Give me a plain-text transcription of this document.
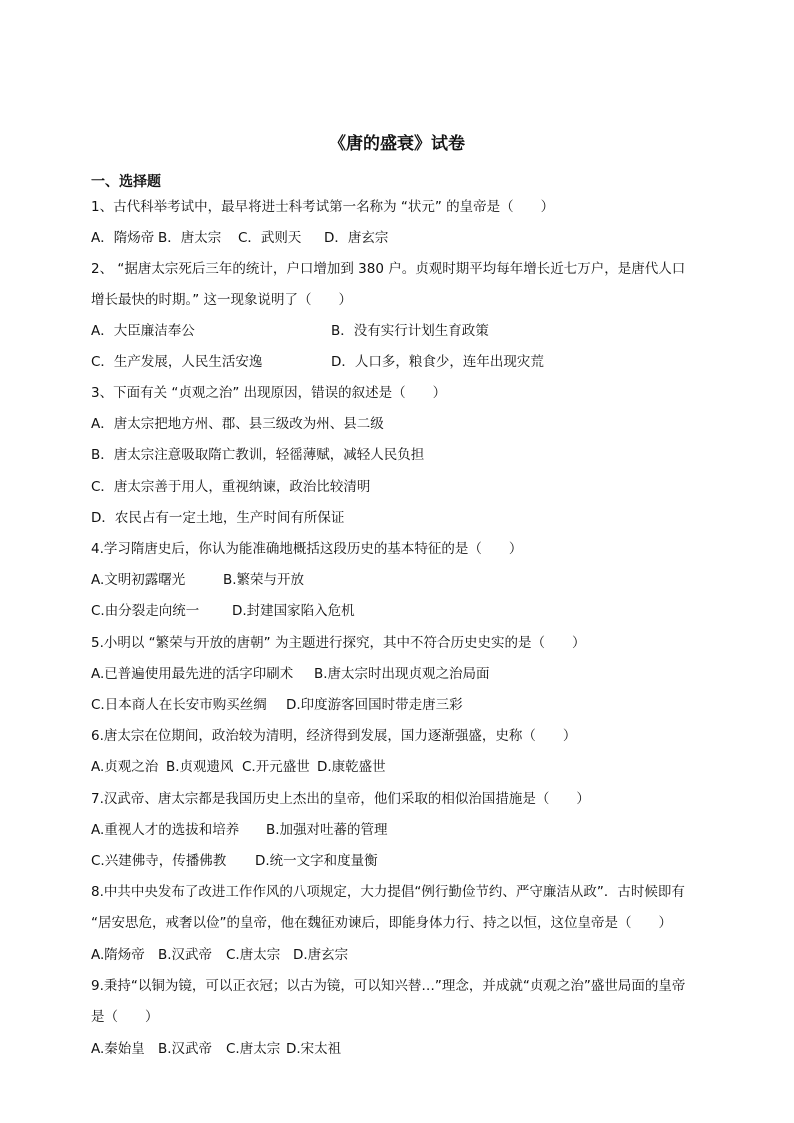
《唐的盛衰》试卷
一、选择题
1、古代科举考试中，最早将进士科考试第一名称为 “状元” 的皇帝是（　　）
A．隋炀帝 B．唐太宗 C．武则天 D．唐玄宗
2、 “据唐太宗死后三年的统计，户口增加到 380 户。贞观时期平均每年增长近七万户，是唐代人口
增长最快的时期。” 这一现象说明了（　　）
A．大臣廉洁奉公	B．没有实行计划生育政策
C．生产发展，人民生活安逸	D．人口多，粮食少，连年出现灾荒
3、下面有关 “贞观之治” 出现原因，错误的叙述是（　　）
A．唐太宗把地方州、郡、县三级改为州、县二级
B．唐太宗注意吸取隋亡教训，轻徭薄赋，减轻人民负担
C．唐太宗善于用人，重视纳谏，政治比较清明
D．农民占有一定土地，生产时间有所保证
4.学习隋唐史后，你认为能准确地概括这段历史的基本特征的是（　　）
A.文明初露曙光	B.繁荣与开放
C.由分裂走向统一 D.封建国家陷入危机
5.小明以 “繁荣与开放的唐朝” 为主题进行探究，其中不符合历史史实的是（　　）
A.已普遍使用最先进的活字印刷术 B.唐太宗时出现贞观之治局面
C.日本商人在长安市购买丝绸 D.印度游客回国时带走唐三彩
6.唐太宗在位期间，政治较为清明，经济得到发展，国力逐渐强盛，史称（　　）
A.贞观之治 B.贞观遗风 C.开元盛世 D.康乾盛世
7.汉武帝、唐太宗都是我国历史上杰出的皇帝，他们采取的相似治国措施是（　　）
A.重视人才的选拔和培养 B.加强对吐蕃的管理
C.兴建佛寺，传播佛教 D.统一文字和度量衡
8.中共中央发布了改进工作作风的八项规定，大力提倡“例行勤俭节约、严守廉洁从政”．古时候即有
“居安思危，戒奢以俭”的皇帝，他在魏征劝谏后，即能身体力行、持之以恒，这位皇帝是（　　）
A.隋炀帝 B.汉武帝 C.唐太宗 D.唐玄宗
9.秉持“以铜为镜，可以正衣冠；以古为镜，可以知兴替…”理念，并成就“贞观之治”盛世局面的皇帝
是（　　）
A.秦始皇 B.汉武帝 C.唐太宗 D.宋太祖
